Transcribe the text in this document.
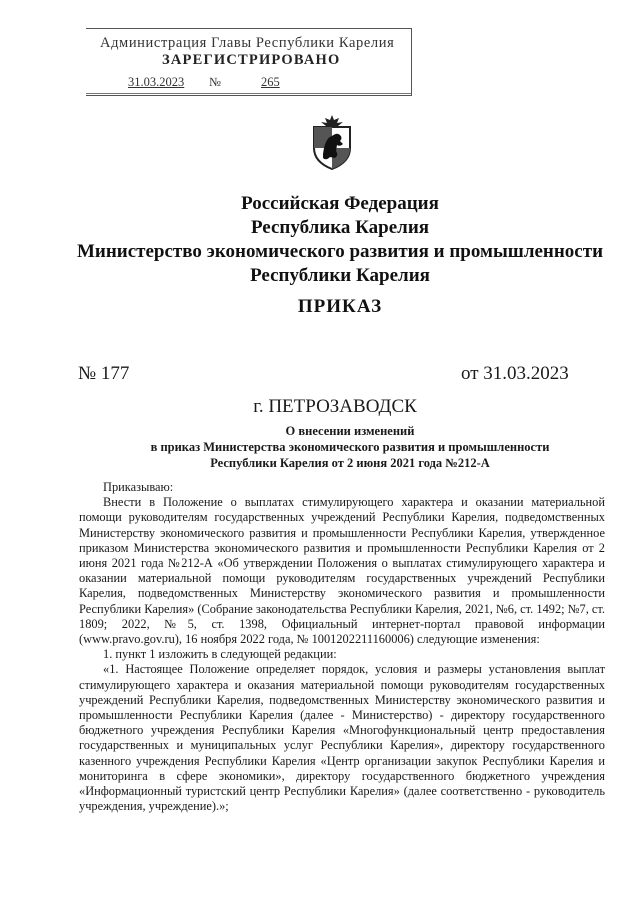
Администрация Главы Республики Карелия
ЗАРЕГИСТРИРОВАНО
31.03.2023 №	265
Российская Федерация
Республика Карелия
Министерство экономического развития и промышленности
Республики Карелия
ПРИКАЗ
№ 177	от 31.03.2023
г. ПЕТРОЗАВОДСК
О внесении изменений
в приказ Министерства экономического развития и промышленности
Республики Карелия от 2 июня 2021 года №212-А

Приказываю:

Внести в Положение о выплатах стимулирующего характера и оказании материальной помощи руководителям государственных учреждений Республики Карелия, подведомственных Министерству экономического развития и промышленности Республики Карелия, утвержденное приказом Министерства экономического развития и промышленности Республики Карелия от 2 июня 2021 года №212-А «Об утверждении Положения о выплатах стимулирующего характера и оказании материальной помощи руководителям государственных учреждений Республики Карелия, подведомственных Министерству экономического развития и промышленности Республики Карелия» (Собрание законодательства Республики Карелия, 2021, №6, ст. 1492; №7, ст. 1809; 2022, №5, ст. 1398, Официальный интернет-портал правовой информации (www.pravo.gov.ru), 16 ноября 2022 года, № 1001202211160006) следующие изменения:

1. пункт 1 изложить в следующей редакции:

«1. Настоящее Положение определяет порядок, условия и размеры установления выплат стимулирующего характера и оказания материальной помощи руководителям государственных учреждений Республики Карелия, подведомственных Министерству экономического развития и промышленности Республики Карелия (далее - Министерство) - директору государственного бюджетного учреждения Республики Карелия «Многофункциональный центр предоставления государственных и муниципальных услуг Республики Карелия», директору государственного казенного учреждения Республики Карелия «Центр организации закупок Республики Карелия и мониторинга в сфере экономики», директору государственного бюджетного учреждения «Информационный туристский центр Республики Карелия» (далее соответственно - руководитель учреждения, учреждение).»;
